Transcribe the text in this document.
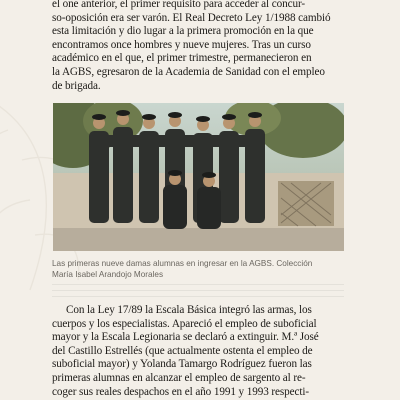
el one anterior, el primer requisito para acceder al concur-
so-oposición era ser varón. El Real Decreto Ley 1/1988 cambió
esta limitación y dio lugar a la primera promoción en la que
encontramos once hombres y nueve mujeres. Tras un curso
académico en el que, el primer trimestre, permanecieron en
la AGBS, egresaron de la Academia de Sanidad con el empleo
de brigada.
Las primeras nueve damas alumnas en ingresar en la AGBS. Colección
María Isabel Arandojo Morales
Con la Ley 17/89 la Escala Básica integró las armas, los
cuerpos y los especialistas. Apareció el empleo de suboficial
mayor y la Escala Legionaria se declaró a extinguir. M.ª José
del Castillo Estrellés (que actualmente ostenta el empleo de
suboficial mayor) y Yolanda Tamargo Rodríguez fueron las
primeras alumnas en alcanzar el empleo de sargento al re-
coger sus reales despachos en el año 1991 y 1993 respecti-
